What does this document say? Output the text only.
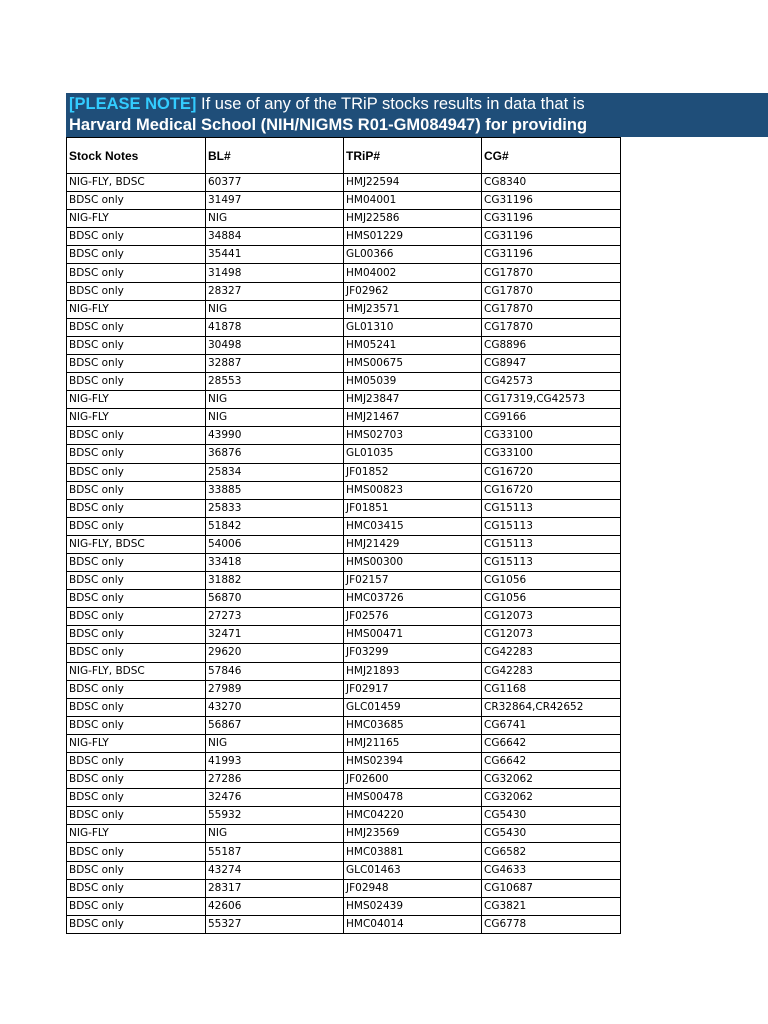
[PLEASE NOTE] If use of any of the TRiP stocks results in data that is
Harvard Medical School (NIH/NIGMS R01-GM084947) for providing
Stock Notes	BL#	TRiP#	CG#
NIG-FLY, BDSC	60377	HMJ22594	CG8340
BDSC only	31497	HM04001	CG31196
NIG-FLY	NIG	HMJ22586	CG31196
BDSC only	34884	HMS01229	CG31196
BDSC only	35441	GL00366	CG31196
BDSC only	31498	HM04002	CG17870
BDSC only	28327	JF02962	CG17870
NIG-FLY	NIG	HMJ23571	CG17870
BDSC only	41878	GL01310	CG17870
BDSC only	30498	HM05241	CG8896
BDSC only	32887	HMS00675	CG8947
BDSC only	28553	HM05039	CG42573
NIG-FLY	NIG	HMJ23847	CG17319,CG42573
NIG-FLY	NIG	HMJ21467	CG9166
BDSC only	43990	HMS02703	CG33100
BDSC only	36876	GL01035	CG33100
BDSC only	25834	JF01852	CG16720
BDSC only	33885	HMS00823	CG16720
BDSC only	25833	JF01851	CG15113
BDSC only	51842	HMC03415	CG15113
NIG-FLY, BDSC	54006	HMJ21429	CG15113
BDSC only	33418	HMS00300	CG15113
BDSC only	31882	JF02157	CG1056
BDSC only	56870	HMC03726	CG1056
BDSC only	27273	JF02576	CG12073
BDSC only	32471	HMS00471	CG12073
BDSC only	29620	JF03299	CG42283
NIG-FLY, BDSC	57846	HMJ21893	CG42283
BDSC only	27989	JF02917	CG1168
BDSC only	43270	GLC01459	CR32864,CR42652
BDSC only	56867	HMC03685	CG6741
NIG-FLY	NIG	HMJ21165	CG6642
BDSC only	41993	HMS02394	CG6642
BDSC only	27286	JF02600	CG32062
BDSC only	32476	HMS00478	CG32062
BDSC only	55932	HMC04220	CG5430
NIG-FLY	NIG	HMJ23569	CG5430
BDSC only	55187	HMC03881	CG6582
BDSC only	43274	GLC01463	CG4633
BDSC only	28317	JF02948	CG10687
BDSC only	42606	HMS02439	CG3821
BDSC only	55327	HMC04014	CG6778
